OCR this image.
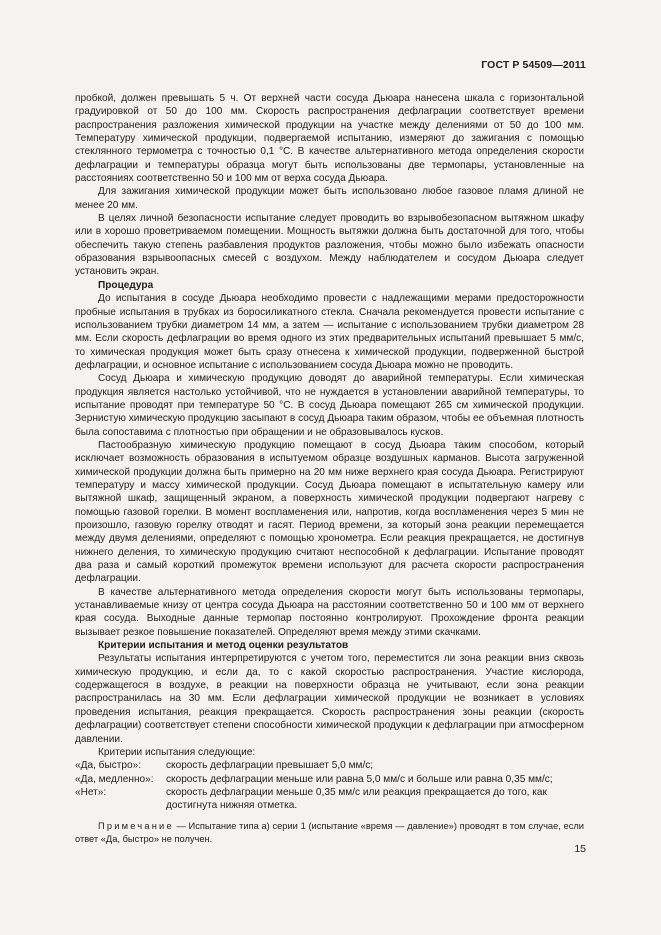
ГОСТ Р 54509—2011

пробкой, должен превышать 5 ч. От верхней части сосуда Дьюара нанесена шкала с горизонтальной градуировкой от 50 до 100 мм. Скорость распространения дефлаграции соответствует времени распространения разложения химической продукции на участке между делениями от 50 до 100 мм. Температуру химической продукции, подвергаемой испытанию, измеряют до зажигания с помощью стеклянного термометра с точностью 0,1 °С. В качестве альтернативного метода определения скорости дефлаграции и температуры образца могут быть использованы две термопары, установленные на расстояниях соответственно 50 и 100 мм от верха сосуда Дьюара.

Для зажигания химической продукции может быть использовано любое газовое пламя длиной не менее 20 мм.

В целях личной безопасности испытание следует проводить во взрывобезопасном вытяжном шкафу или в хорошо проветриваемом помещении. Мощность вытяжки должна быть достаточной для того, чтобы обеспечить такую степень разбавления продуктов разложения, чтобы можно было избежать опасности образования взрывоопасных смесей с воздухом. Между наблюдателем и сосудом Дьюара следует установить экран.

Процедура

До испытания в сосуде Дьюара необходимо провести с надлежащими мерами предосторожности пробные испытания в трубках из боросиликатного стекла. Сначала рекомендуется провести испытание с использованием трубки диаметром 14 мм, а затем — испытание с использованием трубки диаметром 28 мм. Если скорость дефлаграции во время одного из этих предварительных испытаний превышает 5 мм/с, то химическая продукция может быть сразу отнесена к химической продукции, подверженной быстрой дефлаграции, и основное испытание с использованием сосуда Дьюара можно не проводить.

Сосуд Дьюара и химическую продукцию доводят до аварийной температуры. Если химическая продукция является настолько устойчивой, что не нуждается в установлении аварийной температуры, то испытание проводят при температуре 50 °С. В сосуд Дьюара помещают 265 см химической продукции. Зернистую химическую продукцию засыпают в сосуд Дьюара таким образом, чтобы ее объемная плотность была сопоставима с плотностью при обращении и не образовывалось кусков.

Пастообразную химическую продукцию помещают в сосуд Дьюара таким способом, который исключает возможность образования в испытуемом образце воздушных карманов. Высота загруженной химической продукции должна быть примерно на 20 мм ниже верхнего края сосуда Дьюара. Регистрируют температуру и массу химической продукции. Сосуд Дьюара помещают в испытательную камеру или вытяжной шкаф, защищенный экраном, а поверхность химической продукции подвергают нагреву с помощью газовой горелки. В момент воспламенения или, напротив, когда воспламенения через 5 мин не произошло, газовую горелку отводят и гасят. Период времени, за который зона реакции перемещается между двумя делениями, определяют с помощью хронометра. Если реакция прекращается, не достигнув нижнего деления, то химическую продукцию считают неспособной к дефлаграции. Испытание проводят два раза и самый короткий промежуток времени используют для расчета скорости распространения дефлаграции.

В качестве альтернативного метода определения скорости могут быть использованы термопары, устанавливаемые книзу от центра сосуда Дьюара на расстоянии соответственно 50 и 100 мм от верхнего края сосуда. Выходные данные термопар постоянно контролируют. Прохождение фронта реакции вызывает резкое повышение показателей. Определяют время между этими скачками.

Критерии испытания и метод оценки результатов

Результаты испытания интерпретируются с учетом того, переместится ли зона реакции вниз сквозь химическую продукцию, и если да, то с какой скоростью распространения. Участие кислорода, содержащегося в воздухе, в реакции на поверхности образца не учитывают, если зона реакции распространилась на 30 мм. Если дефлаграции химической продукции не возникает в условиях проведения испытания, реакция прекращается. Скорость распространения зоны реакции (скорость дефлаграции) соответствует степени способности химической продукции к дефлаграции при атмосферном давлении.

Критерии испытания следующие:

«Да, быстро»:	скорость дефлаграции превышает 5,0 мм/с;
«Да, медленно»:	скорость дефлаграции меньше или равна 5,0 мм/с и больше или равна 0,35 мм/с;
«Нет»:	скорость дефлаграции меньше 0,35 мм/с или реакция прекращается до того, как достигнута нижняя отметка.

Примечание — Испытание типа а) серии 1 (испытание «время — давление») проводят в том случае, если ответ «Да, быстро» не получен.

15
